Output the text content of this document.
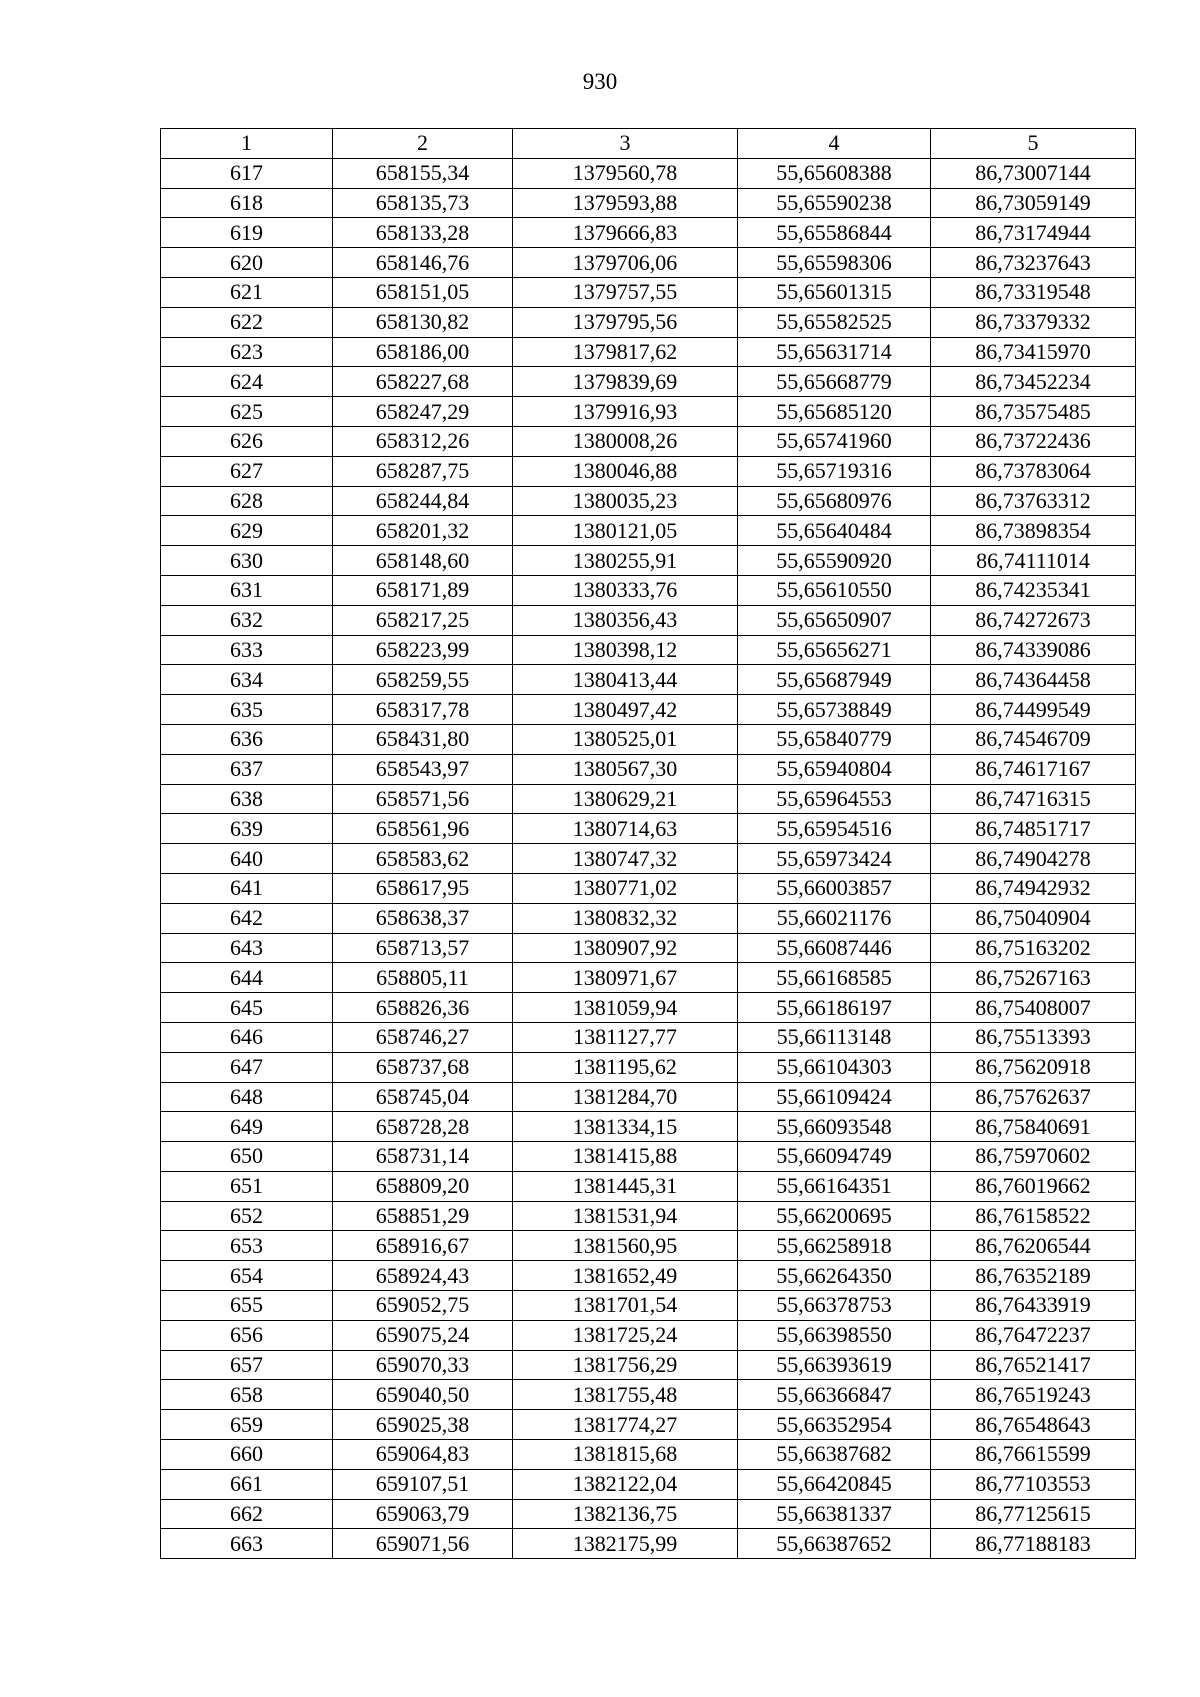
930
1	2	3	4	5
617	658155,34	1379560,78	55,65608388	86,73007144
618	658135,73	1379593,88	55,65590238	86,73059149
619	658133,28	1379666,83	55,65586844	86,73174944
620	658146,76	1379706,06	55,65598306	86,73237643
621	658151,05	1379757,55	55,65601315	86,73319548
622	658130,82	1379795,56	55,65582525	86,73379332
623	658186,00	1379817,62	55,65631714	86,73415970
624	658227,68	1379839,69	55,65668779	86,73452234
625	658247,29	1379916,93	55,65685120	86,73575485
626	658312,26	1380008,26	55,65741960	86,73722436
627	658287,75	1380046,88	55,65719316	86,73783064
628	658244,84	1380035,23	55,65680976	86,73763312
629	658201,32	1380121,05	55,65640484	86,73898354
630	658148,60	1380255,91	55,65590920	86,74111014
631	658171,89	1380333,76	55,65610550	86,74235341
632	658217,25	1380356,43	55,65650907	86,74272673
633	658223,99	1380398,12	55,65656271	86,74339086
634	658259,55	1380413,44	55,65687949	86,74364458
635	658317,78	1380497,42	55,65738849	86,74499549
636	658431,80	1380525,01	55,65840779	86,74546709
637	658543,97	1380567,30	55,65940804	86,74617167
638	658571,56	1380629,21	55,65964553	86,74716315
639	658561,96	1380714,63	55,65954516	86,74851717
640	658583,62	1380747,32	55,65973424	86,74904278
641	658617,95	1380771,02	55,66003857	86,74942932
642	658638,37	1380832,32	55,66021176	86,75040904
643	658713,57	1380907,92	55,66087446	86,75163202
644	658805,11	1380971,67	55,66168585	86,75267163
645	658826,36	1381059,94	55,66186197	86,75408007
646	658746,27	1381127,77	55,66113148	86,75513393
647	658737,68	1381195,62	55,66104303	86,75620918
648	658745,04	1381284,70	55,66109424	86,75762637
649	658728,28	1381334,15	55,66093548	86,75840691
650	658731,14	1381415,88	55,66094749	86,75970602
651	658809,20	1381445,31	55,66164351	86,76019662
652	658851,29	1381531,94	55,66200695	86,76158522
653	658916,67	1381560,95	55,66258918	86,76206544
654	658924,43	1381652,49	55,66264350	86,76352189
655	659052,75	1381701,54	55,66378753	86,76433919
656	659075,24	1381725,24	55,66398550	86,76472237
657	659070,33	1381756,29	55,66393619	86,76521417
658	659040,50	1381755,48	55,66366847	86,76519243
659	659025,38	1381774,27	55,66352954	86,76548643
660	659064,83	1381815,68	55,66387682	86,76615599
661	659107,51	1382122,04	55,66420845	86,77103553
662	659063,79	1382136,75	55,66381337	86,77125615
663	659071,56	1382175,99	55,66387652	86,77188183
